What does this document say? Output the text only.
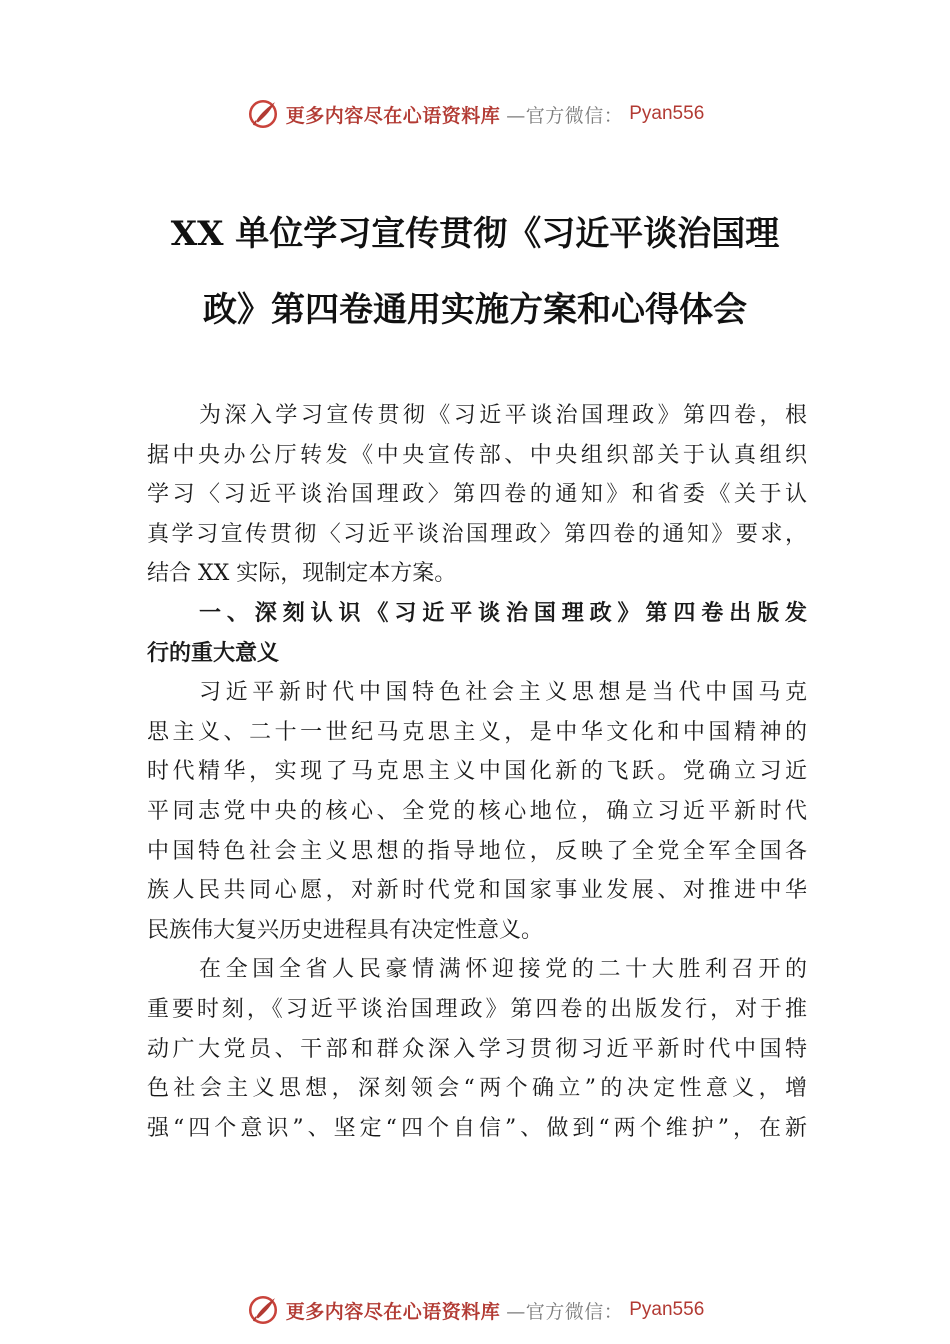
更多内容尽在心语资料库 —官方微信： Pyan556
XX 单位学习宣传贯彻《习近平谈治国理
政》第四卷通用实施方案和心得体会
为深入学习宣传贯彻《习近平谈治国理政》第四卷，根
据中央办公厅转发《中央宣传部、中央组织部关于认真组织
学习〈习近平谈治国理政〉第四卷的通知》和省委《关于认
真学习宣传贯彻〈习近平谈治国理政〉第四卷的通知》要求，
结合 XX 实际，现制定本方案。
一、深刻认识《习近平谈治国理政》第四卷出版发
行的重大意义
习近平新时代中国特色社会主义思想是当代中国马克
思主义、二十一世纪马克思主义，是中华文化和中国精神的
时代精华，实现了马克思主义中国化新的飞跃。党确立习近
平同志党中央的核心、全党的核心地位，确立习近平新时代
中国特色社会主义思想的指导地位，反映了全党全军全国各
族人民共同心愿，对新时代党和国家事业发展、对推进中华
民族伟大复兴历史进程具有决定性意义。
在全国全省人民豪情满怀迎接党的二十大胜利召开的
重要时刻，《习近平谈治国理政》第四卷的出版发行，对于推
动广大党员、干部和群众深入学习贯彻习近平新时代中国特
色社会主义思想，深刻领会“两个确立”的决定性意义，增
强“四个意识”、坚定“四个自信”、做到“两个维护”，在新
更多内容尽在心语资料库 —官方微信： Pyan556
